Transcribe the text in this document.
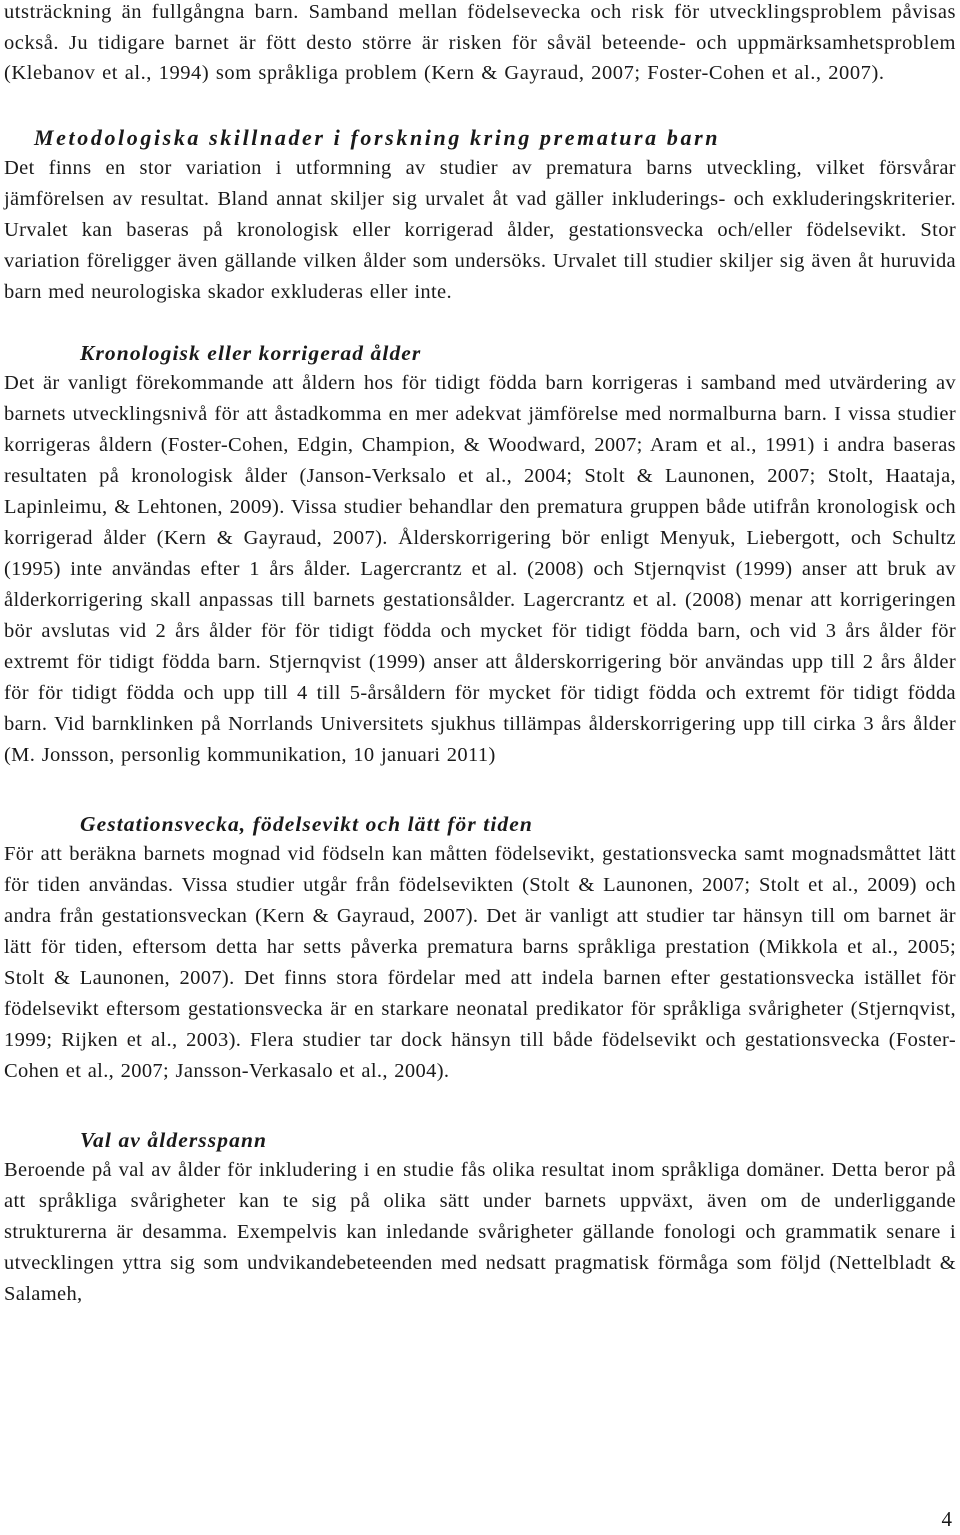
utsträckning än fullgångna barn. Samband mellan födelsevecka och risk för utvecklingsproblem påvisas också. Ju tidigare barnet är fött desto större är risken för såväl beteende- och uppmärksamhetsproblem (Klebanov et al., 1994) som språkliga problem (Kern & Gayraud, 2007; Foster-Cohen et al., 2007).

Metodologiska skillnader i forskning kring prematura barn

Det finns en stor variation i utformning av studier av prematura barns utveckling, vilket försvårar jämförelsen av resultat. Bland annat skiljer sig urvalet åt vad gäller inkluderings- och exkluderingskriterier. Urvalet kan baseras på kronologisk eller korrigerad ålder, gestationsvecka och/eller födelsevikt. Stor variation föreligger även gällande vilken ålder som undersöks. Urvalet till studier skiljer sig även åt huruvida barn med neurologiska skador exkluderas eller inte.

Kronologisk eller korrigerad ålder

Det är vanligt förekommande att åldern hos för tidigt födda barn korrigeras i samband med utvärdering av barnets utvecklingsnivå för att åstadkomma en mer adekvat jämförelse med normalburna barn. I vissa studier korrigeras åldern (Foster-Cohen, Edgin, Champion, & Woodward, 2007; Aram et al., 1991) i andra baseras resultaten på kronologisk ålder (Janson-Verksalo et al., 2004; Stolt & Launonen, 2007; Stolt, Haataja, Lapinleimu, & Lehtonen, 2009). Vissa studier behandlar den prematura gruppen både utifrån kronologisk och korrigerad ålder (Kern & Gayraud, 2007). Ålderskorrigering bör enligt Menyuk, Liebergott, och Schultz (1995) inte användas efter 1 års ålder. Lagercrantz et al. (2008) och Stjernqvist (1999) anser att bruk av ålderkorrigering skall anpassas till barnets gestationsålder. Lagercrantz et al. (2008) menar att korrigeringen bör avslutas vid 2 års ålder för för tidigt födda och mycket för tidigt födda barn, och vid 3 års ålder för extremt för tidigt födda barn. Stjernqvist (1999) anser att ålderskorrigering bör användas upp till 2 års ålder för för tidigt födda och upp till 4 till 5-årsåldern för mycket för tidigt födda och extremt för tidigt födda barn. Vid barnklinken på Norrlands Universitets sjukhus tillämpas ålderskorrigering upp till cirka 3 års ålder (M. Jonsson, personlig kommunikation, 10 januari 2011)

Gestationsvecka, födelsevikt och lätt för tiden

För att beräkna barnets mognad vid födseln kan måtten födelsevikt, gestationsvecka samt mognadsmåttet lätt för tiden användas. Vissa studier utgår från födelsevikten (Stolt & Launonen, 2007; Stolt et al., 2009) och andra från gestationsveckan (Kern & Gayraud, 2007). Det är vanligt att studier tar hänsyn till om barnet är lätt för tiden, eftersom detta har setts påverka prematura barns språkliga prestation (Mikkola et al., 2005; Stolt & Launonen, 2007). Det finns stora fördelar med att indela barnen efter gestationsvecka istället för födelsevikt eftersom gestationsvecka är en starkare neonatal predikator för språkliga svårigheter (Stjernqvist, 1999; Rijken et al., 2003). Flera studier tar dock hänsyn till både födelsevikt och gestationsvecka (Foster-Cohen et al., 2007; Jansson-Verkasalo et al., 2004).

Val av åldersspann

Beroende på val av ålder för inkludering i en studie fås olika resultat inom språkliga domäner. Detta beror på att språkliga svårigheter kan te sig på olika sätt under barnets uppväxt, även om de underliggande strukturerna är desamma. Exempelvis kan inledande svårigheter gällande fonologi och grammatik senare i utvecklingen yttra sig som undvikandebeteenden med nedsatt pragmatisk förmåga som följd (Nettelbladt & Salameh,

4
